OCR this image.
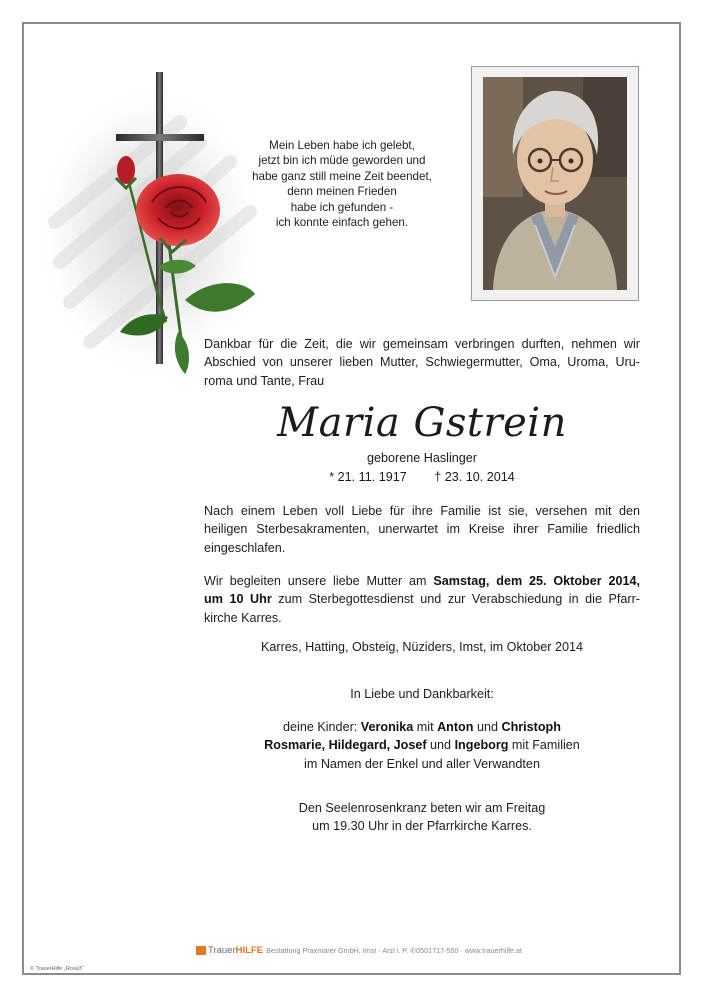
Mein Leben habe ich gelebt,
jetzt bin ich müde geworden und
habe ganz still meine Zeit beendet,
denn meinen Frieden
habe ich gefunden -
ich konnte einfach gehen.
Dankbar für die Zeit, die wir gemeinsam verbringen durften, nehmen wir
Abschied von unserer lieben Mutter, Schwiegermutter, Oma, Uroma, Uru-
roma und Tante, Frau
Maria Gstrein
geborene Haslinger
* 21. 11. 1917 † 23. 10. 2014
Nach einem Leben voll Liebe für ihre Familie ist sie, versehen mit den
heiligen Sterbesakramenten, unerwartet im Kreise ihrer Familie friedlich
eingeschlafen.
Wir begleiten unsere liebe Mutter am Samstag, dem 25. Oktober 2014,
um 10 Uhr zum Sterbegottesdienst und zur Verabschiedung in die Pfarr-
kirche Karres.
Karres, Hatting, Obsteig, Nüziders, Imst, im Oktober 2014
In Liebe und Dankbarkeit:
deine Kinder: Veronika mit Anton und Christoph
Rosmarie, Hildegard, Josef und Ingeborg mit Familien
im Namen der Enkel und aller Verwandten
Den Seelenrosenkranz beten wir am Freitag
um 19.30 Uhr in der Pfarrkirche Karres.
TrauerHILFE Bestattung Praxmarer GmbH, Imst - Arzl i. P. ✆0501717-550 · www.trauerhilfe.at
© TrauerHilfe „Rose3“
